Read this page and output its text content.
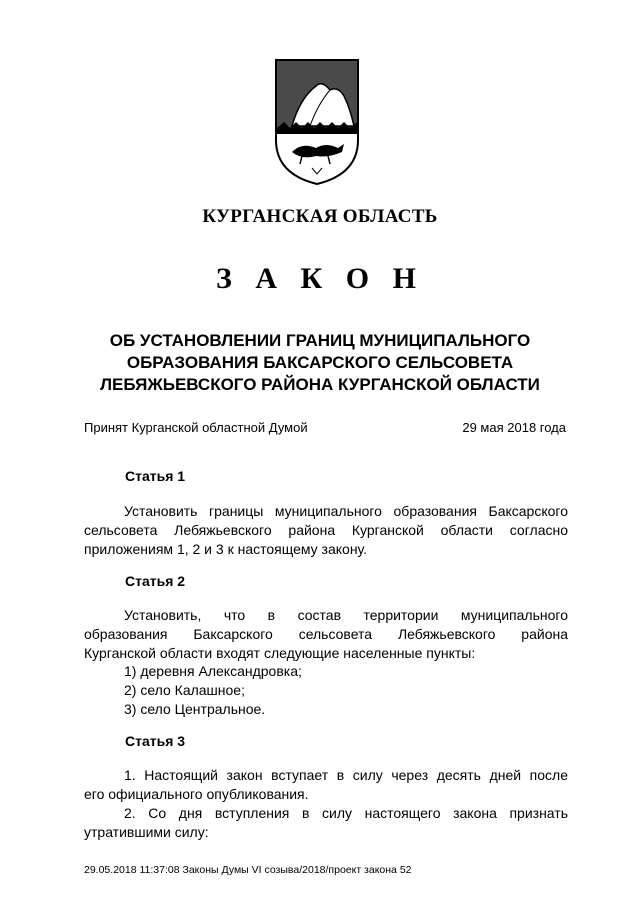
КУРГАНСКАЯ ОБЛАСТЬ
З А К О Н
ОБ УСТАНОВЛЕНИИ ГРАНИЦ МУНИЦИПАЛЬНОГО
ОБРАЗОВАНИЯ БАКСАРСКОГО СЕЛЬСОВЕТА
ЛЕБЯЖЬЕВСКОГО РАЙОНА КУРГАНСКОЙ ОБЛАСТИ
Принят Курганской областной Думой	29 мая 2018 года
Статья 1
Установить границы муниципального образования Баксарского
сельсовета Лебяжьевского района Курганской области согласно
приложениям 1, 2 и 3 к настоящему закону.
Статья 2
Установить, что в состав территории муниципального
образования Баксарского сельсовета Лебяжьевского района
Курганской области входят следующие населенные пункты:
1) деревня Александровка;
2) село Калашное;
3) село Центральное.
Статья 3
1. Настоящий закон вступает в силу через десять дней после
его официального опубликования.
2. Со дня вступления в силу настоящего закона признать
утратившими силу:
29.05.2018 11:37:08 Законы Думы VI созыва/2018/проект закона 52
